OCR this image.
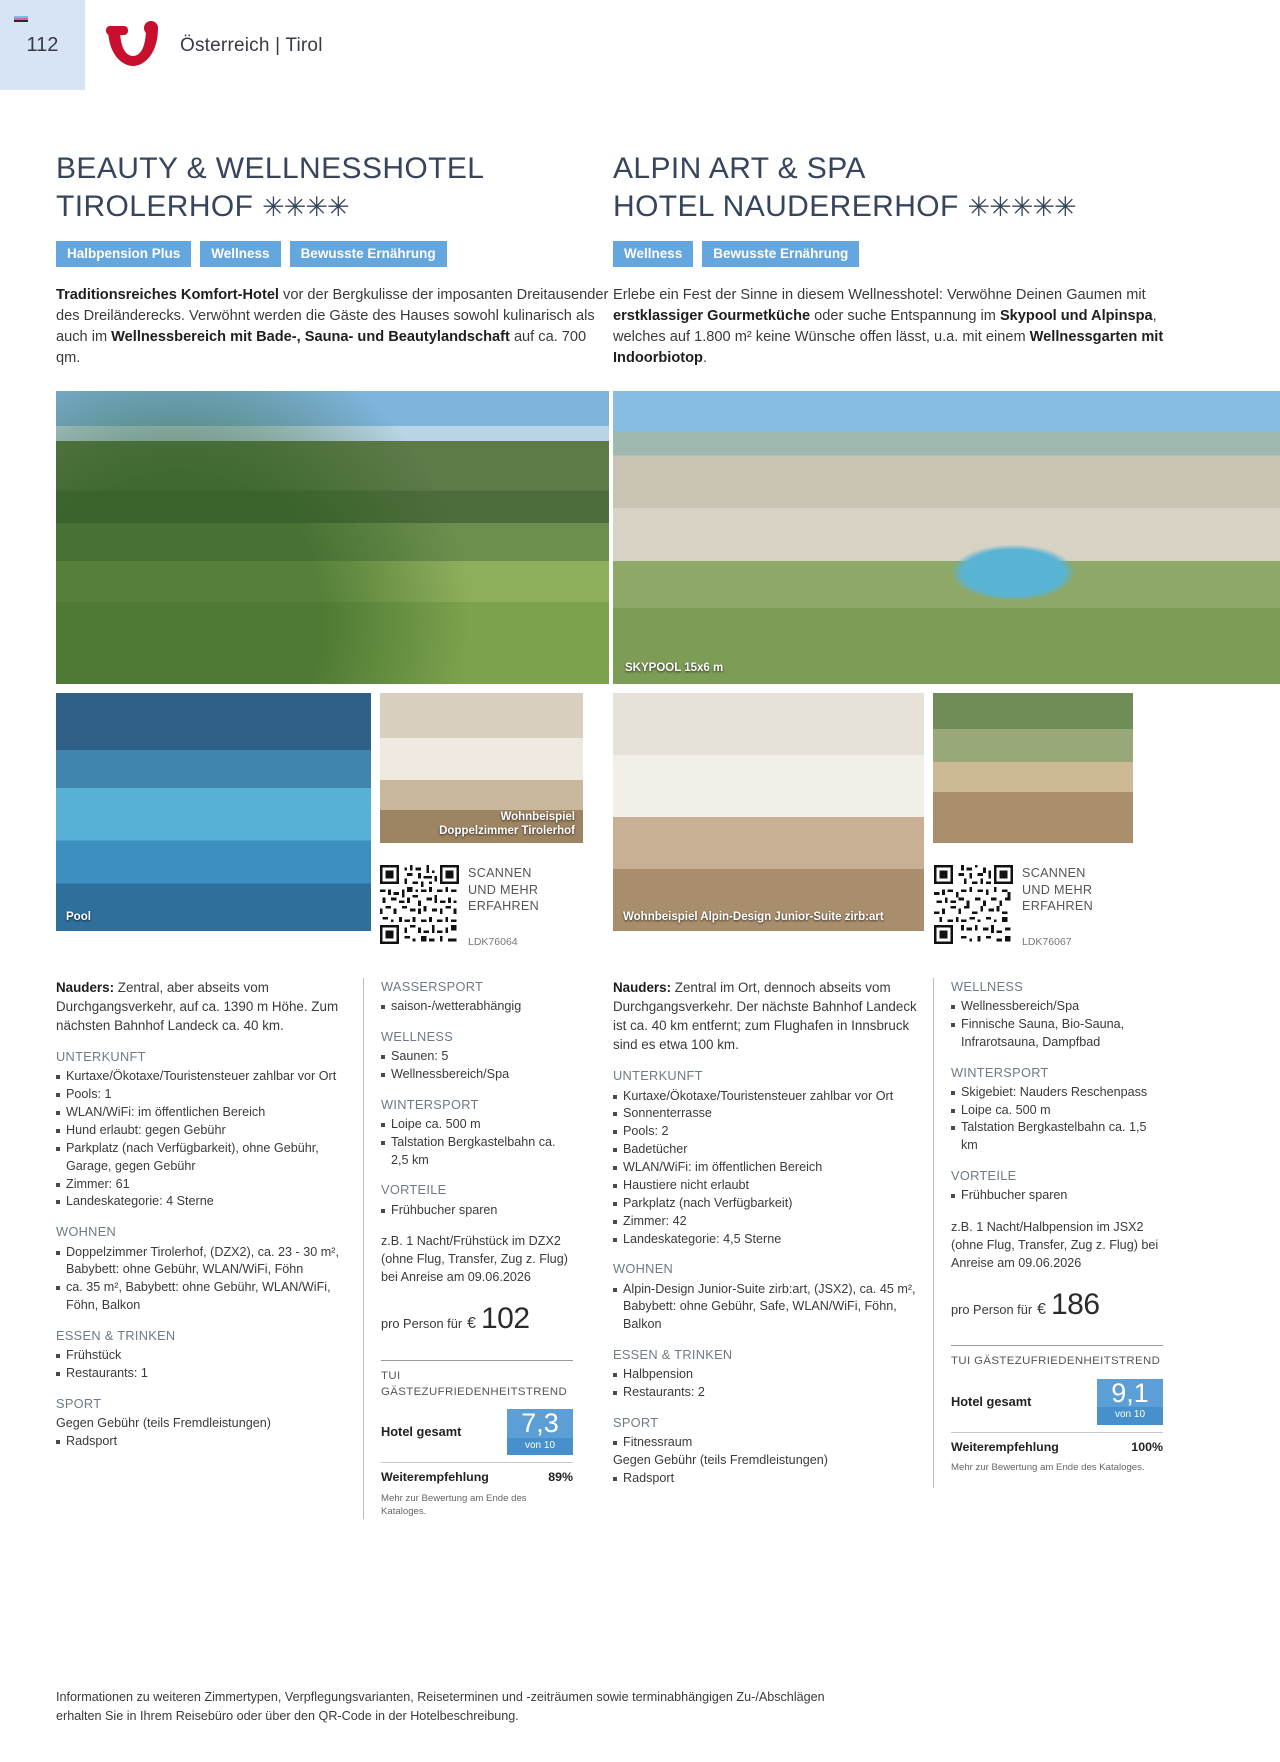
112	Österreich | Tirol
BEAUTY & WELLNESSHOTEL
TIROLERHOF ✳✳✳✳
Halbpension Plus	Wellness	Bewusste Ernährung

Traditionsreiches Komfort-Hotel vor der Bergkulisse der imposanten Dreitausender des Dreiländerecks. Verwöhnt werden die Gäste des Hauses sowohl kulinarisch als auch im Wellnessbereich mit Bade-, Sauna- und Beautylandschaft auf ca. 700 qm.

Pool
Wohnbeispiel
Doppelzimmer Tirolerhof
SCANNEN
UND MEHR
ERFAHREN
LDK76064

Nauders: Zentral, aber abseits vom Durchgangsverkehr, auf ca. 1390 m Höhe. Zum nächsten Bahnhof Landeck ca. 40 km.

UNTERKUNFT
Kurtaxe/Ökotaxe/Touristensteuer zahlbar vor Ort
Pools: 1
WLAN/WiFi: im öffentlichen Bereich
Hund erlaubt: gegen Gebühr
Parkplatz (nach Verfügbarkeit), ohne Gebühr, Garage, gegen Gebühr
Zimmer: 61
Landeskategorie: 4 Sterne
WOHNEN
Doppelzimmer Tirolerhof, (DZX2), ca. 23 - 30 m², Babybett: ohne Gebühr, WLAN/WiFi, Föhn
ca. 35 m², Babybett: ohne Gebühr, WLAN/WiFi, Föhn, Balkon
ESSEN & TRINKEN
Frühstück
Restaurants: 1
SPORT
Gegen Gebühr (teils Fremdleistungen)
Radsport
WASSERSPORT
saison-/wetterabhängig
WELLNESS
Saunen: 5
Wellnessbereich/Spa
WINTERSPORT
Loipe ca. 500 m
Talstation Bergkastelbahn ca. 2,5 km
VORTEILE
Frühbucher sparen

z.B. 1 Nacht/Frühstück im DZX2 (ohne Flug, Transfer, Zug z. Flug) bei Anreise am 09.06.2026

pro Person für € 102
TUI GÄSTEZUFRIEDENHEITSTREND
Hotel gesamt	7,3
von 10
Weiterempfehlung	89%
Mehr zur Bewertung am Ende des Kataloges.
ALPIN ART & SPA
HOTEL NAUDERERHOF ✳✳✳✳✳
Wellness	Bewusste Ernährung

Erlebe ein Fest der Sinne in diesem Wellnesshotel: Verwöhne Deinen Gaumen mit erstklassiger Gourmetküche oder suche Entspannung im Skypool und Alpinspa, welches auf 1.800 m² keine Wünsche offen lässt, u.a. mit einem Wellnessgarten mit Indoorbiotop.

SKYPOOL 15x6 m
Wohnbeispiel Alpin-Design Junior-Suite zirb:art
SCANNEN
UND MEHR
ERFAHREN
LDK76067

Nauders: Zentral im Ort, dennoch abseits vom Durchgangsverkehr. Der nächste Bahnhof Landeck ist ca. 40 km entfernt; zum Flughafen in Innsbruck sind es etwa 100 km.

UNTERKUNFT
Kurtaxe/Ökotaxe/Touristensteuer zahlbar vor Ort
Sonnenterrasse
Pools: 2
Badetücher
WLAN/WiFi: im öffentlichen Bereich
Haustiere nicht erlaubt
Parkplatz (nach Verfügbarkeit)
Zimmer: 42
Landeskategorie: 4,5 Sterne
WOHNEN
Alpin-Design Junior-Suite zirb:art, (JSX2), ca. 45 m², Babybett: ohne Gebühr, Safe, WLAN/WiFi, Föhn, Balkon
ESSEN & TRINKEN
Halbpension
Restaurants: 2
SPORT
Fitnessraum
Gegen Gebühr (teils Fremdleistungen)
Radsport
WELLNESS
Wellnessbereich/Spa
Finnische Sauna, Bio-Sauna, Infrarotsauna, Dampfbad
WINTERSPORT
Skigebiet: Nauders Reschenpass
Loipe ca. 500 m
Talstation Bergkastelbahn ca. 1,5 km
VORTEILE
Frühbucher sparen

z.B. 1 Nacht/Halbpension im JSX2 (ohne Flug, Transfer, Zug z. Flug) bei Anreise am 09.06.2026

pro Person für € 186
TUI GÄSTEZUFRIEDENHEITSTREND
Hotel gesamt	9,1
von 10
Weiterempfehlung	100%
Mehr zur Bewertung am Ende des Kataloges.
Informationen zu weiteren Zimmertypen, Verpflegungsvarianten, Reiseterminen und -zeiträumen sowie terminabhängigen Zu-/Abschlägen
erhalten Sie in Ihrem Reisebüro oder über den QR-Code in der Hotelbeschreibung.
